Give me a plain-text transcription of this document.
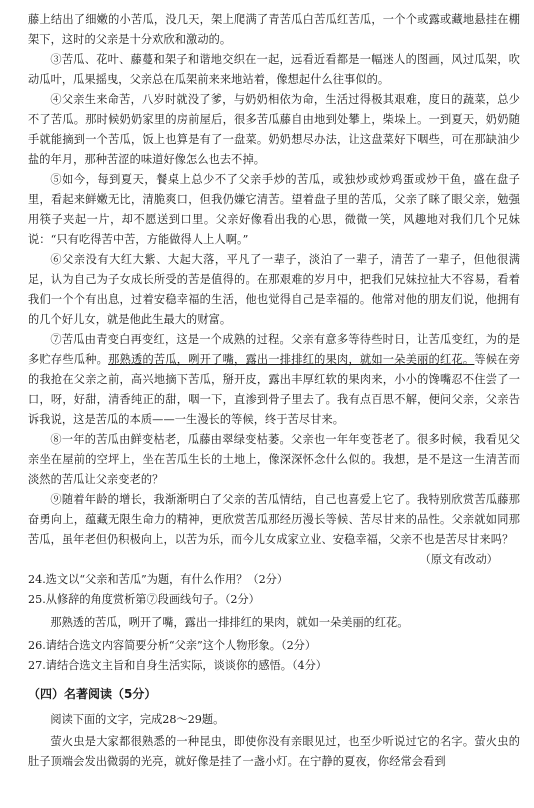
藤上结出了细嫩的小苦瓜，没几天，架上爬满了青苦瓜白苦瓜红苦瓜，一个个或露或藏地悬挂在棚架下，这时的父亲是十分欢欣和激动的。

③苦瓜、花叶、藤蔓和架子和谐地交织在一起，远看近看都是一幅迷人的图画，风过瓜架，吹动瓜叶，瓜果摇曳，父亲总在瓜架前来来地站着，像想起什么往事似的。

④父亲生来命苦，八岁时就没了爹，与奶奶相依为命，生活过得极其艰难，度日的蔬菜，总少不了苦瓜。那时候奶奶家里的房前屋后，很多苦瓜藤自由地到处攀上，柴垛上。一到夏天，奶奶随手就能摘到一个苦瓜，饭上也算是有了一盘菜。奶奶想尽办法，让这盘菜好下咽些，可在那缺油少盐的年月，那种苦涩的味道好像怎么也去不掉。

⑤如今，每到夏天，餐桌上总少不了父亲手炒的苦瓜，或独炒或炒鸡蛋或炒干鱼，盛在盘子里，看起来鲜嫩无比，清脆爽口，但我仍嫌它清苦。望着盘子里的苦瓜，父亲了眯了眼父亲，勉强用筷子夹起一片，却不愿送到口里。父亲好像看出我的心思，微微一笑，风趣地对我们几个兄妹说：“只有吃得苦中苦，方能做得人上人啊。”

⑥父亲没有大红大紫、大起大落，平凡了一辈子，淡泊了一辈子，清苦了一辈子，但他很满足，认为自己为子女成长所受的苦是值得的。在那艰难的岁月中，把我们兄妹拉扯大不容易，看着我们一个个有出息，过着安稳幸福的生活，他也觉得自己是幸福的。他常对他的朋友们说，他拥有的几个好儿女，就是他此生最大的财富。

⑦苦瓜由青变白再变红，这是一个成熟的过程。父亲有意多等待些时日，让苦瓜变红，为的是多贮存些瓜种。那熟透的苦瓜，咧开了嘴，露出一排排红的果肉，就如一朵美丽的红花。等候在旁的我抢在父亲之前，高兴地摘下苦瓜，掰开皮，露出丰厚红软的果肉来，小小的馋嘴忍不住尝了一口，呀，好甜，清香纯正的甜，咽一下，直渗到骨子里去了。我有点百思不解，便问父亲，父亲告诉我说，这是苦瓜的本质——一生漫长的等候，终于苦尽甘来。

⑧一年的苦瓜由鲜变枯老，瓜藤由翠绿变枯萎。父亲也一年年变苍老了。很多时候，我看见父亲坐在屋前的空坪上，坐在苦瓜生长的土地上，像深深怀念什么似的。我想，是不是这一生清苦而淡然的苦瓜让父亲变老的？

⑨随着年龄的增长，我渐渐明白了父亲的苦瓜情结，自己也喜爱上它了。我特别欣赏苦瓜藤那奋勇向上，蕴藏无限生命力的精神，更欣赏苦瓜那经历漫长等候、苦尽甘来的品性。父亲就如同那苦瓜，虽年老但仍积极向上，以苦为乐，而今儿女成家立业、安稳幸福，父亲不也是苦尽甘来吗？

（原文有改动）

24.选文以“父亲和苦瓜”为题，有什么作用？（2分）

25.从修辞的角度赏析第⑦段画线句子。（2分）

那熟透的苦瓜，咧开了嘴，露出一排排红的果肉，就如一朵美丽的红花。

26.请结合选文内容简要分析“父亲”这个人物形象。（2分）

27.请结合选文主旨和自身生活实际，谈谈你的感悟。（4分）

（四）名著阅读（5分）

阅读下面的文字，完成28～29题。

萤火虫是大家都很熟悉的一种昆虫，即使你没有亲眼见过，也至少听说过它的名字。萤火虫的肚子顶端会发出微弱的光亮，就好像是挂了一盏小灯。在宁静的夏夜，你经常会看到
